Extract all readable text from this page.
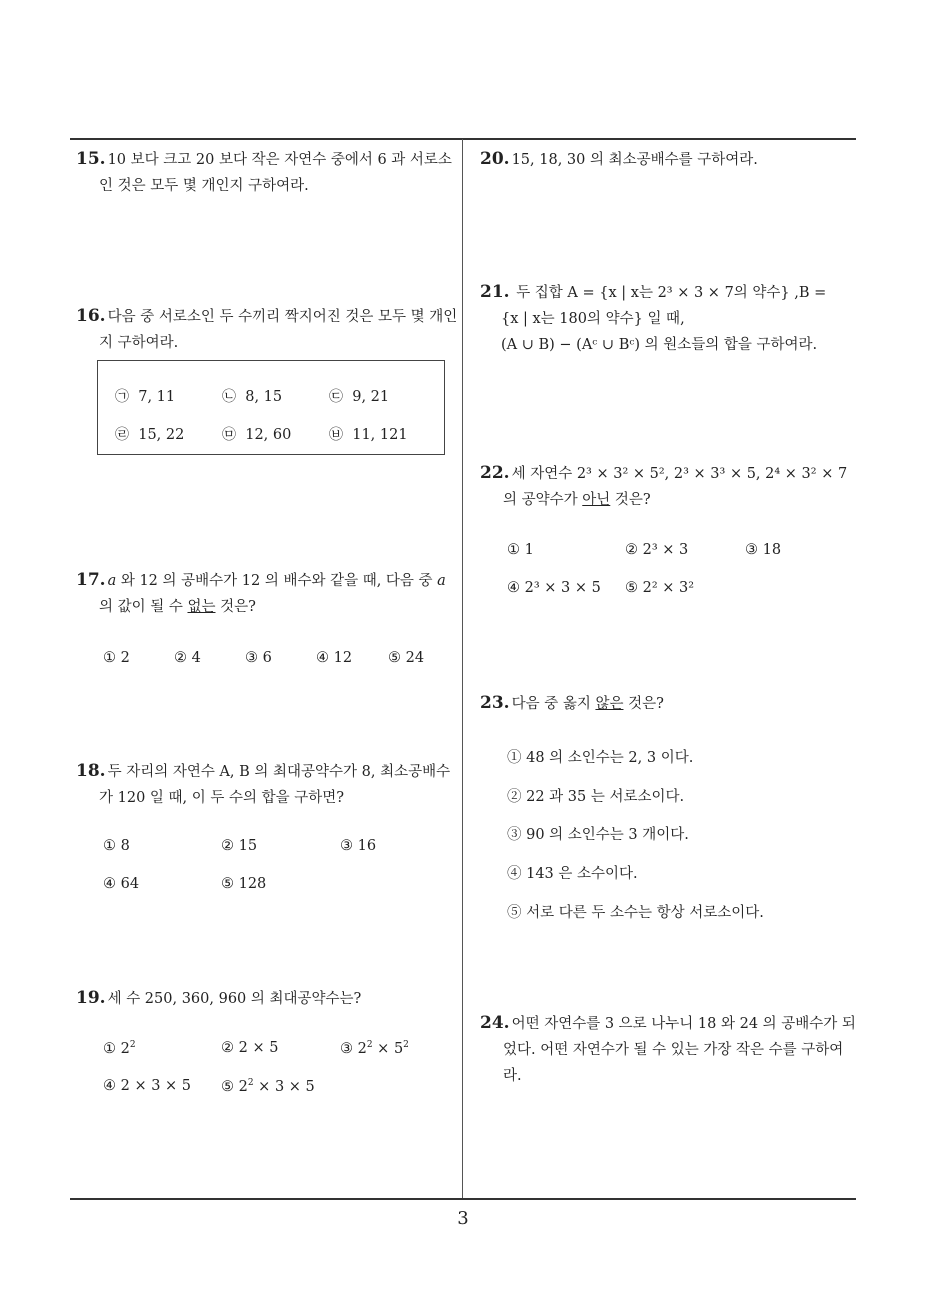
15. 10 보다 크고 20 보다 작은 자연수 중에서 6 과 서로소인 것은 모두 몇 개인지 구하여라.
16. 다음 중 서로소인 두 수끼리 짝지어진 것은 모두 몇 개인지 구하여라.
㉠ 7, 11	㉡ 8, 15	㉢ 9, 21
㉣ 15, 22	㉤ 12, 60	㉥ 11, 121
17. a 와 12 의 공배수가 12 의 배수와 같을 때, 다음 중 a 의 값이 될 수 없는 것은?
① 2	② 4	③ 6	④ 12 ⑤ 24
18. 두 자리의 자연수 A, B 의 최대공약수가 8, 최소공배수가 120 일 때, 이 두 수의 합을 구하면?
① 8	② 15	③ 16
④ 64	⑤ 128
19. 세 수 250, 360, 960 의 최대공약수는?
① $2^2$	② 2 × 5	③ $2^2 \times 5^2$
④ 2 × 3 × 5 ⑤ $2^2 \times 3 \times 5$
20. 15, 18, 30 의 최소공배수를 구하여라.
21. 두 집합 A = {x | x는 2³ × 3 × 7의 약수} ,B =
{x | x는 180의 약수} 일 때,
(A ∪ B) − (Aᶜ ∪ Bᶜ) 의 원소들의 합을 구하여라.
22. 세 자연수 2³ × 3² × 5², 2³ × 3³ × 5, 2⁴ × 3² × 7 의 공약수가 아닌 것은?
① 1	② 2³ × 3	③ 18
④ 2³ × 3 × 5 ⑤ 2² × 3²
23. 다음 중 옳지 않은 것은?
① 48 의 소인수는 2, 3 이다.
② 22 과 35 는 서로소이다.
③ 90 의 소인수는 3 개이다.
④ 143 은 소수이다.
⑤ 서로 다른 두 소수는 항상 서로소이다.
24. 어떤 자연수를 3 으로 나누니 18 와 24 의 공배수가 되었다. 어떤 자연수가 될 수 있는 가장 작은 수를 구하여라.
3
